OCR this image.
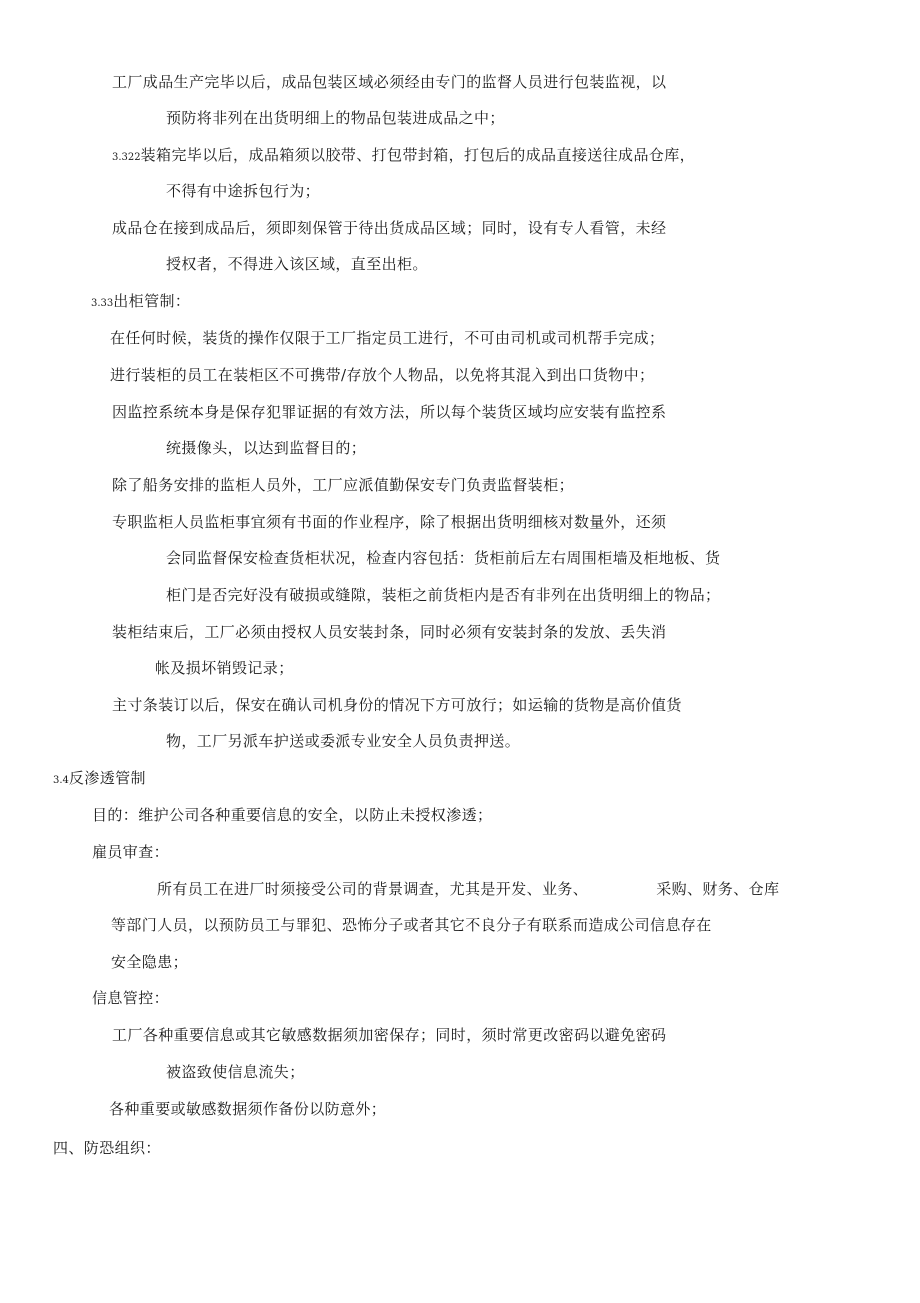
工厂成品生产完毕以后，成品包装区域必须经由专门的监督人员进行包装监视，以
预防将非列在出货明细上的物品包装进成品之中；
3.322装箱完毕以后，成品箱须以胶带、打包带封箱，打包后的成品直接送往成品仓库，
不得有中途拆包行为；
成品仓在接到成品后，须即刻保管于待出货成品区域；同时，设有专人看管，未经
授权者，不得进入该区域，直至出柜。
3.33出柜管制：
在任何时候，装货的操作仅限于工厂指定员工进行，不可由司机或司机帮手完成；
进行装柜的员工在装柜区不可携带/存放个人物品，以免将其混入到出口货物中；
因监控系统本身是保存犯罪证据的有效方法，所以每个装货区域均应安装有监控系
统摄像头，以达到监督目的；
除了船务安排的监柜人员外，工厂应派值勤保安专门负责监督装柜；
专职监柜人员监柜事宜须有书面的作业程序，除了根据出货明细核对数量外，还须
会同监督保安检查货柜状况，检查内容包括：货柜前后左右周围柜墙及柜地板、货
柜门是否完好没有破损或缝隙，装柜之前货柜内是否有非列在出货明细上的物品；
装柜结束后，工厂必须由授权人员安装封条，同时必须有安装封条的发放、丢失消
帐及损坏销毁记录；
主寸条装订以后，保安在确认司机身份的情况下方可放行；如运输的货物是高价值货
物，工厂另派车护送或委派专业安全人员负责押送。
3.4反渗透管制
目的：维护公司各种重要信息的安全，以防止未授权渗透；
雇员审查：
所有员工在进厂时须接受公司的背景调查，尤其是开发、业务、	采购、财务、仓库
等部门人员，以预防员工与罪犯、恐怖分子或者其它不良分子有联系而造成公司信息存在
安全隐患；
信息管控：
工厂各种重要信息或其它敏感数据须加密保存；同时，须时常更改密码以避免密码
被盗致使信息流失；
各种重要或敏感数据须作备份以防意外；
四、防恐组织：
